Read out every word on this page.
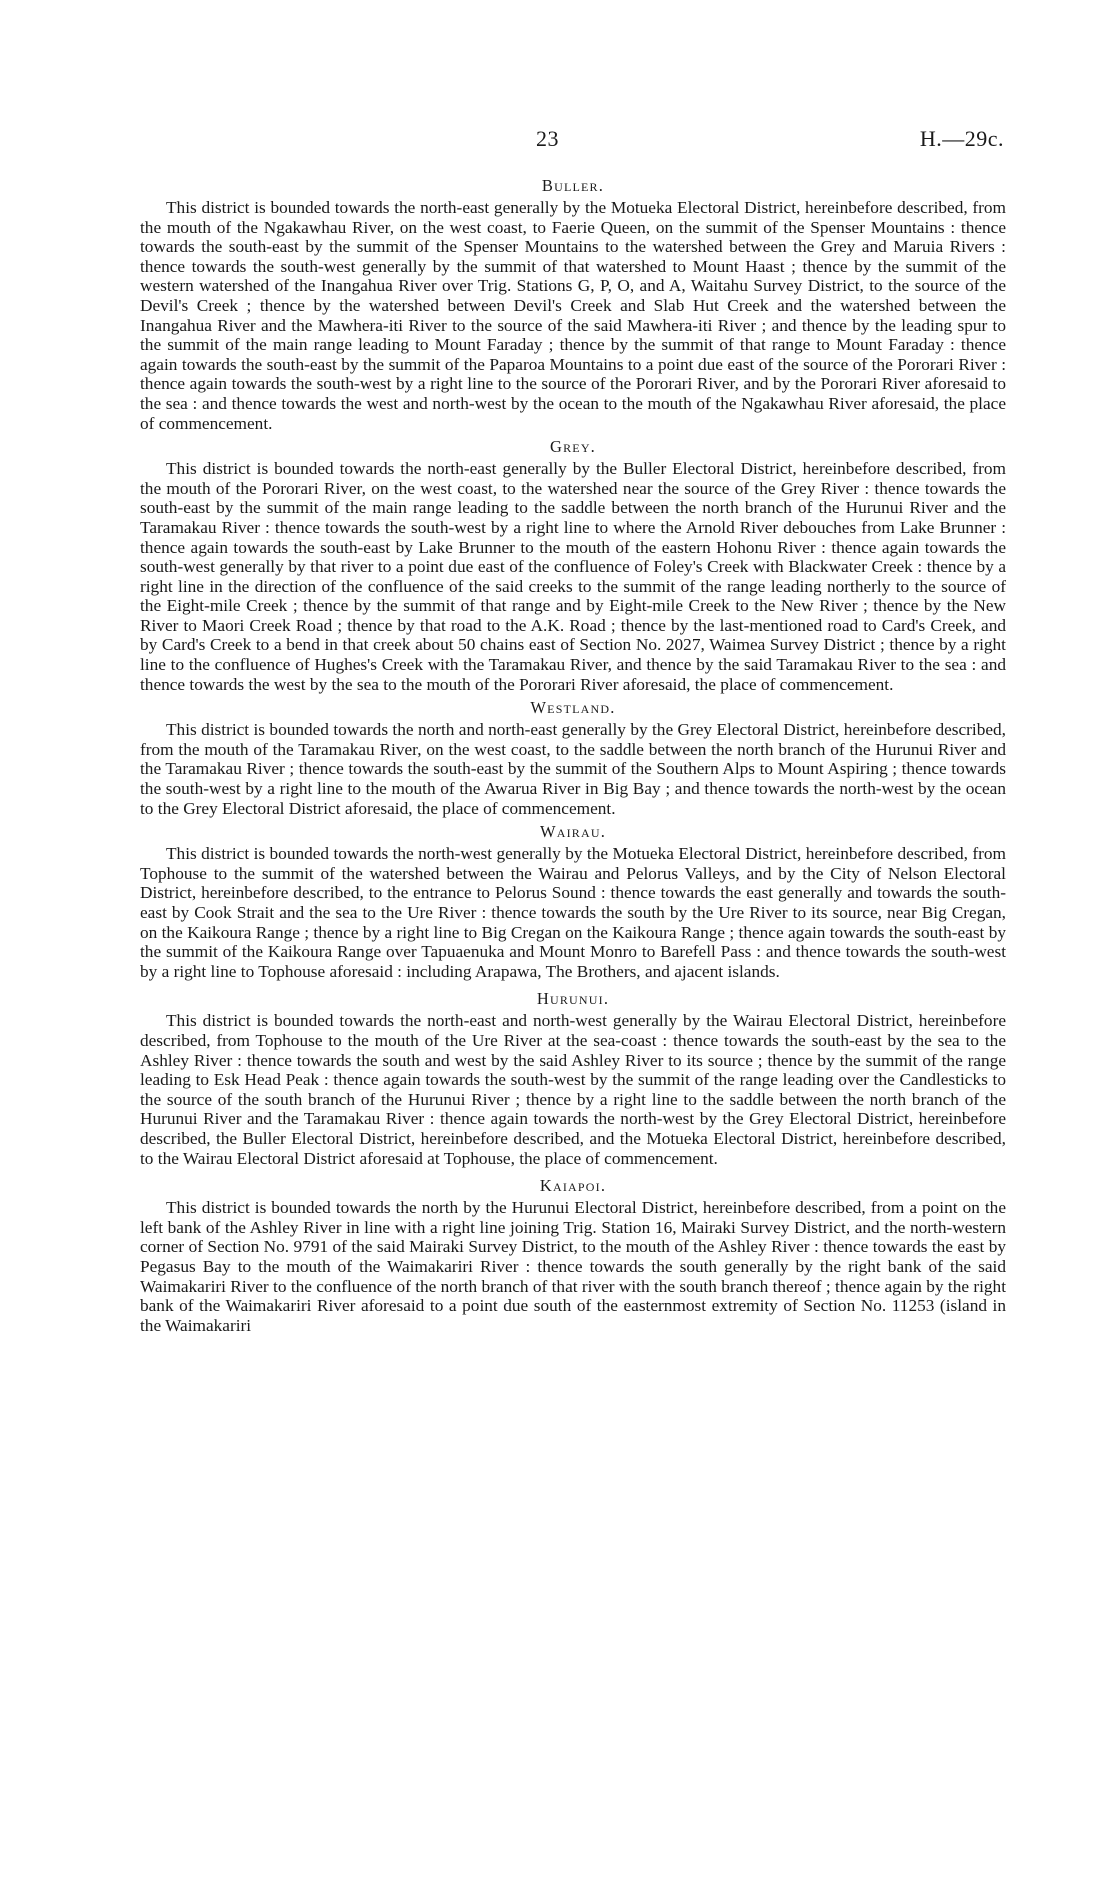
23	H.—29c.
Buller.

This district is bounded towards the north-east generally by the Motueka Electoral District, hereinbefore described, from the mouth of the Ngakawhau River, on the west coast, to Faerie Queen, on the summit of the Spenser Mountains : thence towards the south-east by the summit of the Spenser Mountains to the watershed between the Grey and Maruia Rivers : thence towards the south-west generally by the summit of that watershed to Mount Haast ; thence by the summit of the western watershed of the Inangahua River over Trig. Stations G, P, O, and A, Waitahu Survey District, to the source of the Devil's Creek ; thence by the watershed between Devil's Creek and Slab Hut Creek and the watershed between the Inangahua River and the Mawhera-iti River to the source of the said Mawhera-iti River ; and thence by the leading spur to the summit of the main range leading to Mount Faraday ; thence by the summit of that range to Mount Faraday : thence again towards the south-east by the summit of the Paparoa Mountains to a point due east of the source of the Pororari River : thence again towards the south-west by a right line to the source of the Pororari River, and by the Pororari River aforesaid to the sea : and thence towards the west and north-west by the ocean to the mouth of the Ngakawhau River aforesaid, the place of commencement.

Grey.

This district is bounded towards the north-east generally by the Buller Electoral District, hereinbefore described, from the mouth of the Pororari River, on the west coast, to the watershed near the source of the Grey River : thence towards the south-east by the summit of the main range leading to the saddle between the north branch of the Hurunui River and the Taramakau River : thence towards the south-west by a right line to where the Arnold River debouches from Lake Brunner : thence again towards the south-east by Lake Brunner to the mouth of the eastern Hohonu River : thence again towards the south-west generally by that river to a point due east of the confluence of Foley's Creek with Blackwater Creek : thence by a right line in the direction of the confluence of the said creeks to the summit of the range leading northerly to the source of the Eight-mile Creek ; thence by the summit of that range and by Eight-mile Creek to the New River ; thence by the New River to Maori Creek Road ; thence by that road to the A.K. Road ; thence by the last-mentioned road to Card's Creek, and by Card's Creek to a bend in that creek about 50 chains east of Section No. 2027, Waimea Survey District ; thence by a right line to the confluence of Hughes's Creek with the Taramakau River, and thence by the said Taramakau River to the sea : and thence towards the west by the sea to the mouth of the Pororari River aforesaid, the place of commencement.

Westland.

This district is bounded towards the north and north-east generally by the Grey Electoral District, hereinbefore described, from the mouth of the Taramakau River, on the west coast, to the saddle between the north branch of the Hurunui River and the Taramakau River ; thence towards the south-east by the summit of the Southern Alps to Mount Aspiring ; thence towards the south-west by a right line to the mouth of the Awarua River in Big Bay ; and thence towards the north-west by the ocean to the Grey Electoral District aforesaid, the place of commencement.

Wairau.

This district is bounded towards the north-west generally by the Motueka Electoral District, hereinbefore described, from Tophouse to the summit of the watershed between the Wairau and Pelorus Valleys, and by the City of Nelson Electoral District, hereinbefore described, to the entrance to Pelorus Sound : thence towards the east generally and towards the south-east by Cook Strait and the sea to the Ure River : thence towards the south by the Ure River to its source, near Big Cregan, on the Kaikoura Range ; thence by a right line to Big Cregan on the Kaikoura Range ; thence again towards the south-east by the summit of the Kaikoura Range over Tapuaenuka and Mount Monro to Barefell Pass : and thence towards the south-west by a right line to Tophouse aforesaid : including Arapawa, The Brothers, and ajacent islands.

Hurunui.

This district is bounded towards the north-east and north-west generally by the Wairau Electoral District, hereinbefore described, from Tophouse to the mouth of the Ure River at the sea-coast : thence towards the south-east by the sea to the Ashley River : thence towards the south and west by the said Ashley River to its source ; thence by the summit of the range leading to Esk Head Peak : thence again towards the south-west by the summit of the range leading over the Candlesticks to the source of the south branch of the Hurunui River ; thence by a right line to the saddle between the north branch of the Hurunui River and the Taramakau River : thence again towards the north-west by the Grey Electoral District, hereinbefore described, the Buller Electoral District, hereinbefore described, and the Motueka Electoral District, hereinbefore described, to the Wairau Electoral District aforesaid at Tophouse, the place of commencement.

Kaiapoi.

This district is bounded towards the north by the Hurunui Electoral District, hereinbefore described, from a point on the left bank of the Ashley River in line with a right line joining Trig. Station 16, Mairaki Survey District, and the north-western corner of Section No. 9791 of the said Mairaki Survey District, to the mouth of the Ashley River : thence towards the east by Pegasus Bay to the mouth of the Waimakariri River : thence towards the south generally by the right bank of the said Waimakariri River to the confluence of the north branch of that river with the south branch thereof ; thence again by the right bank of the Waimakariri River aforesaid to a point due south of the easternmost extremity of Section No. 11253 (island in the Waimakariri
